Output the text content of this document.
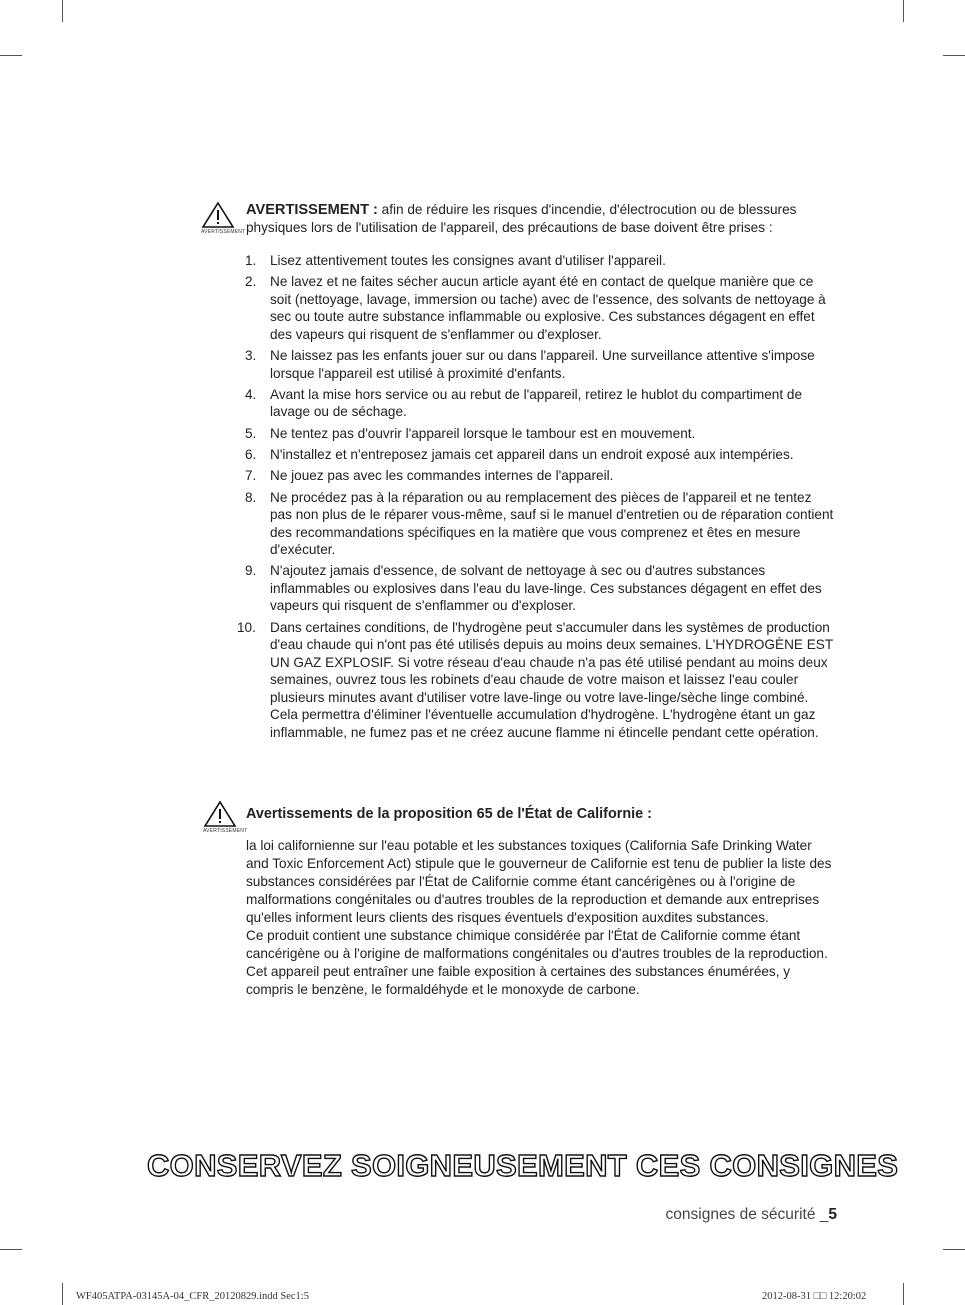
AVERTISSEMENT
AVERTISSEMENT : afin de réduire les risques d'incendie, d'électrocution ou de blessures physiques lors de l'utilisation de l'appareil, des précautions de base doivent être prises :
1. Lisez attentivement toutes les consignes avant d'utiliser l'appareil.
2. Ne lavez et ne faites sécher aucun article ayant été en contact de quelque manière que ce soit (nettoyage, lavage, immersion ou tache) avec de l'essence, des solvants de nettoyage à sec ou toute autre substance inflammable ou explosive. Ces substances dégagent en effet des vapeurs qui risquent de s'enflammer ou d'exploser.
3. Ne laissez pas les enfants jouer sur ou dans l'appareil. Une surveillance attentive s'impose lorsque l'appareil est utilisé à proximité d'enfants.
4. Avant la mise hors service ou au rebut de l'appareil, retirez le hublot du compartiment de lavage ou de séchage.
5. Ne tentez pas d'ouvrir l'appareil lorsque le tambour est en mouvement.
6. N'installez et n'entreposez jamais cet appareil dans un endroit exposé aux intempéries.
7. Ne jouez pas avec les commandes internes de l'appareil.
8. Ne procédez pas à la réparation ou au remplacement des pièces de l'appareil et ne tentez pas non plus de le réparer vous-même, sauf si le manuel d'entretien ou de réparation contient des recommandations spécifiques en la matière que vous comprenez et êtes en mesure d'exécuter.
9. N'ajoutez jamais d'essence, de solvant de nettoyage à sec ou d'autres substances inflammables ou explosives dans l'eau du lave-linge. Ces substances dégagent en effet des vapeurs qui risquent de s'enflammer ou d'exploser.
10. Dans certaines conditions, de l'hydrogène peut s'accumuler dans les systèmes de production d'eau chaude qui n'ont pas été utilisés depuis au moins deux semaines. L'HYDROGÈNE EST UN GAZ EXPLOSIF. Si votre réseau d'eau chaude n'a pas été utilisé pendant au moins deux semaines, ouvrez tous les robinets d'eau chaude de votre maison et laissez l'eau couler plusieurs minutes avant d'utiliser votre lave-linge ou votre lave-linge/sèche linge combiné. Cela permettra d'éliminer l'éventuelle accumulation d'hydrogène. L'hydrogène étant un gaz inflammable, ne fumez pas et ne créez aucune flamme ni étincelle pendant cette opération.
AVERTISSEMENT
Avertissements de la proposition 65 de l'État de Californie :

la loi californienne sur l'eau potable et les substances toxiques (California Safe Drinking Water and Toxic Enforcement Act) stipule que le gouverneur de Californie est tenu de publier la liste des substances considérées par l'État de Californie comme étant cancérigènes ou à l'origine de malformations congénitales ou d'autres troubles de la reproduction et demande aux entreprises qu'elles informent leurs clients des risques éventuels d'exposition auxdites substances.

Ce produit contient une substance chimique considérée par l'État de Californie comme étant cancérigène ou à l'origine de malformations congénitales ou d'autres troubles de la reproduction. Cet appareil peut entraîner une faible exposition à certaines des substances énumérées, y compris le benzène, le formaldéhyde et le monoxyde de carbone.

CONSERVEZ SOIGNEUSEMENT CES CONSIGNES
consignes de sécurité _5
WF405ATPA-03145A-04_CFR_20120829.indd Sec1:5	2012-08-31 □□ 12:20:02
